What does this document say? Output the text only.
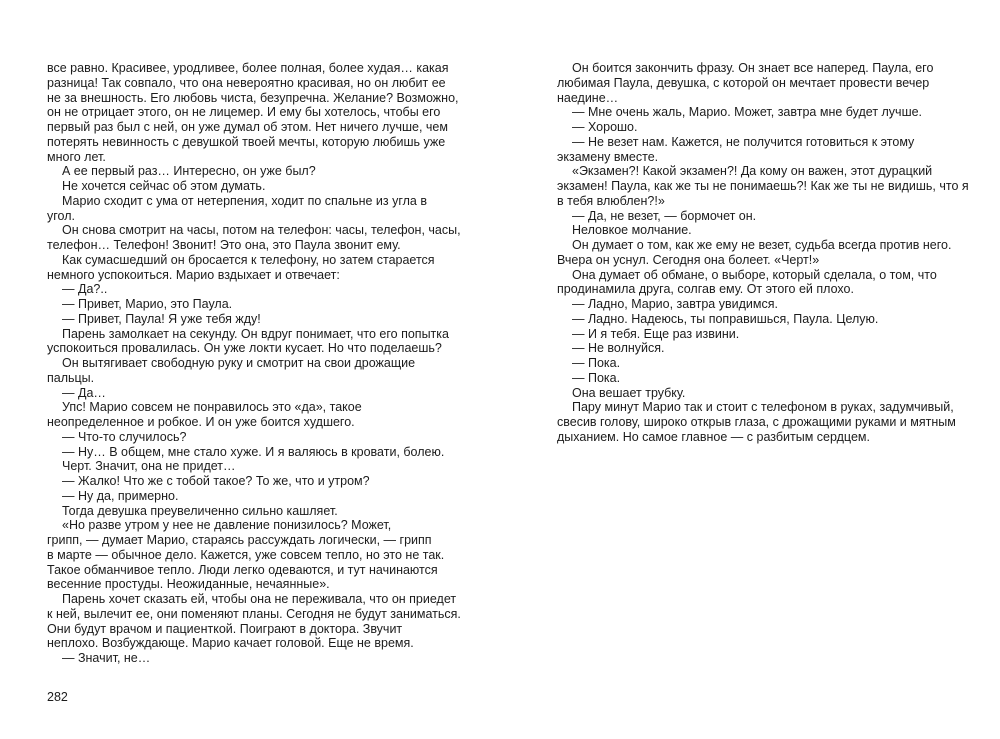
все равно. Красивее, уродливее, более полная, более худая… какая
разница! Так совпало, что она невероятно красивая, но он любит ее
не за внешность. Его любовь чиста, безупречна. Желание? Возможно,
он не отрицает этого, он не лицемер. И ему бы хотелось, чтобы его
первый раз был с ней, он уже думал об этом. Нет ничего лучше, чем
потерять невинность с девушкой твоей мечты, которую любишь уже
много лет.
А ее первый раз… Интересно, он уже был?
Не хочется сейчас об этом думать.
Марио сходит с ума от нетерпения, ходит по спальне из угла в
угол.
Он снова смотрит на часы, потом на телефон: часы, телефон, часы,
телефон… Телефон! Звонит! Это она, это Паула звонит ему.
Как сумасшедший он бросается к телефону, но затем старается
немного успокоиться. Марио вздыхает и отвечает:
— Да?..
— Привет, Марио, это Паула.
— Привет, Паула! Я уже тебя жду!
Парень замолкает на секунду. Он вдруг понимает, что его попытка
успокоиться провалилась. Он уже локти кусает. Но что поделаешь?
Он вытягивает свободную руку и смотрит на свои дрожащие
пальцы.
— Да…
Упс! Марио совсем не понравилось это «да», такое
неопределенное и робкое. И он уже боится худшего.
— Что-то случилось?
— Ну… В общем, мне стало хуже. И я валяюсь в кровати, болею.
Черт. Значит, она не придет…
— Жалко! Что же с тобой такое? То же, что и утром?
— Ну да, примерно.
Тогда девушка преувеличенно сильно кашляет.
«Но разве утром у нее не давление понизилось? Может,
грипп, — думает Марио, стараясь рассуждать логически, — грипп
в марте — обычное дело. Кажется, уже совсем тепло, но это не так.
Такое обманчивое тепло. Люди легко одеваются, и тут начинаются
весенние простуды. Неожиданные, нечаянные».
Парень хочет сказать ей, чтобы она не переживала, что он приедет
к ней, вылечит ее, они поменяют планы. Сегодня не будут заниматься.
Они будут врачом и пациенткой. Поиграют в доктора. Звучит
неплохо. Возбуждающе. Марио качает головой. Еще не время.
— Значит, не…
Он боится закончить фразу. Он знает все наперед. Паула, его
любимая Паула, девушка, с которой он мечтает провести вечер
наедине…
— Мне очень жаль, Марио. Может, завтра мне будет лучше.
— Хорошо.
— Не везет нам. Кажется, не получится готовиться к этому
экзамену вместе.
«Экзамен?! Какой экзамен?! Да кому он важен, этот дурацкий
экзамен! Паула, как же ты не понимаешь?! Как же ты не видишь, что я
в тебя влюблен?!»
— Да, не везет, — бормочет он.
Неловкое молчание.
Он думает о том, как же ему не везет, судьба всегда против него.
Вчера он уснул. Сегодня она болеет. «Черт!»
Она думает об обмане, о выборе, который сделала, о том, что
продинамила друга, солгав ему. От этого ей плохо.
— Ладно, Марио, завтра увидимся.
— Ладно. Надеюсь, ты поправишься, Паула. Целую.
— И я тебя. Еще раз извини.
— Не волнуйся.
— Пока.
— Пока.
Она вешает трубку.
Пару минут Марио так и стоит с телефоном в руках, задумчивый,
свесив голову, широко открыв глаза, с дрожащими руками и мятным
дыханием. Но самое главное — с разбитым сердцем.
282
